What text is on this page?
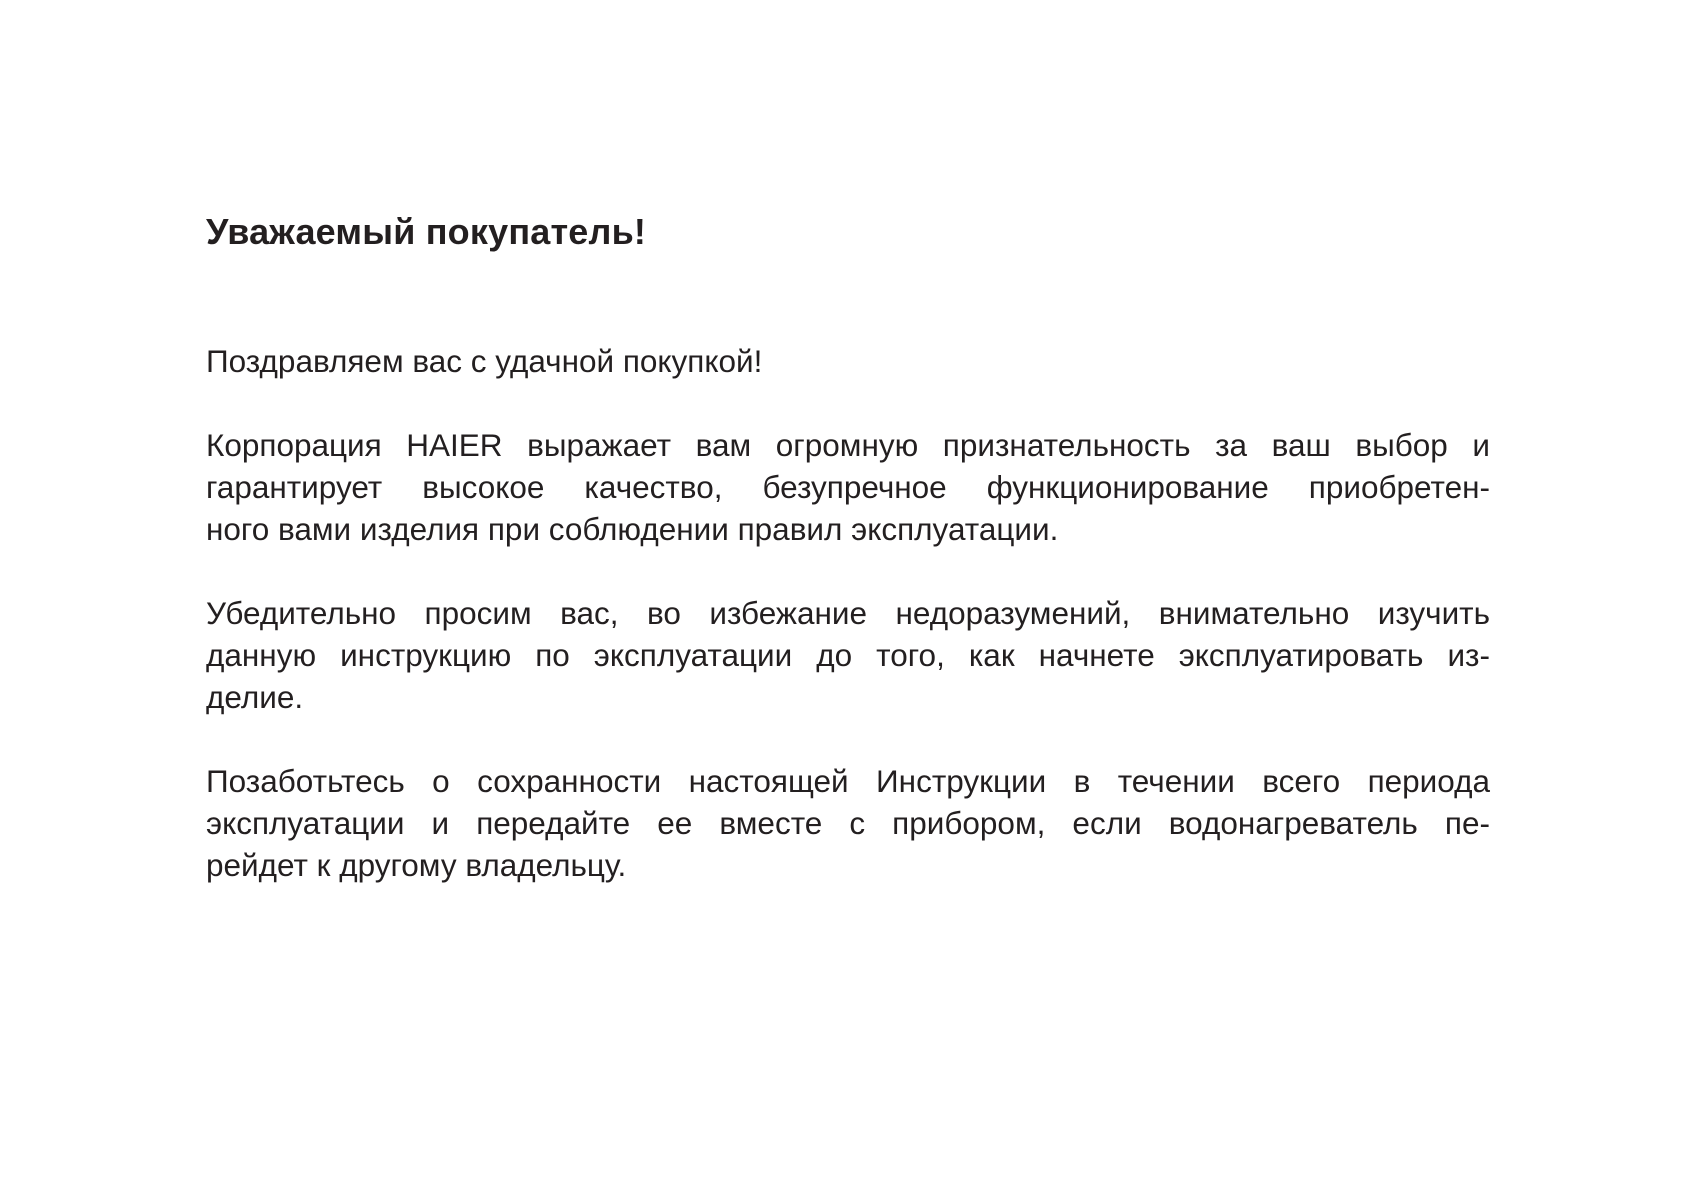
Уважаемый покупатель!

Поздравляем вас с удачной покупкой!

Корпорация HAIER выражает вам огромную признательность за ваш выбор и
гарантирует высокое качество, безупречное функционирование приобретен-
ного вами изделия при соблюдении правил эксплуатации.

Убедительно просим вас, во избежание недоразумений, внимательно изучить
данную инструкцию по эксплуатации до того, как начнете эксплуатировать из-
делие.

Позаботьтесь о сохранности настоящей Инструкции в течении всего периода
эксплуатации и передайте ее вместе с прибором, если водонагреватель пе-
рейдет к другому владельцу.
